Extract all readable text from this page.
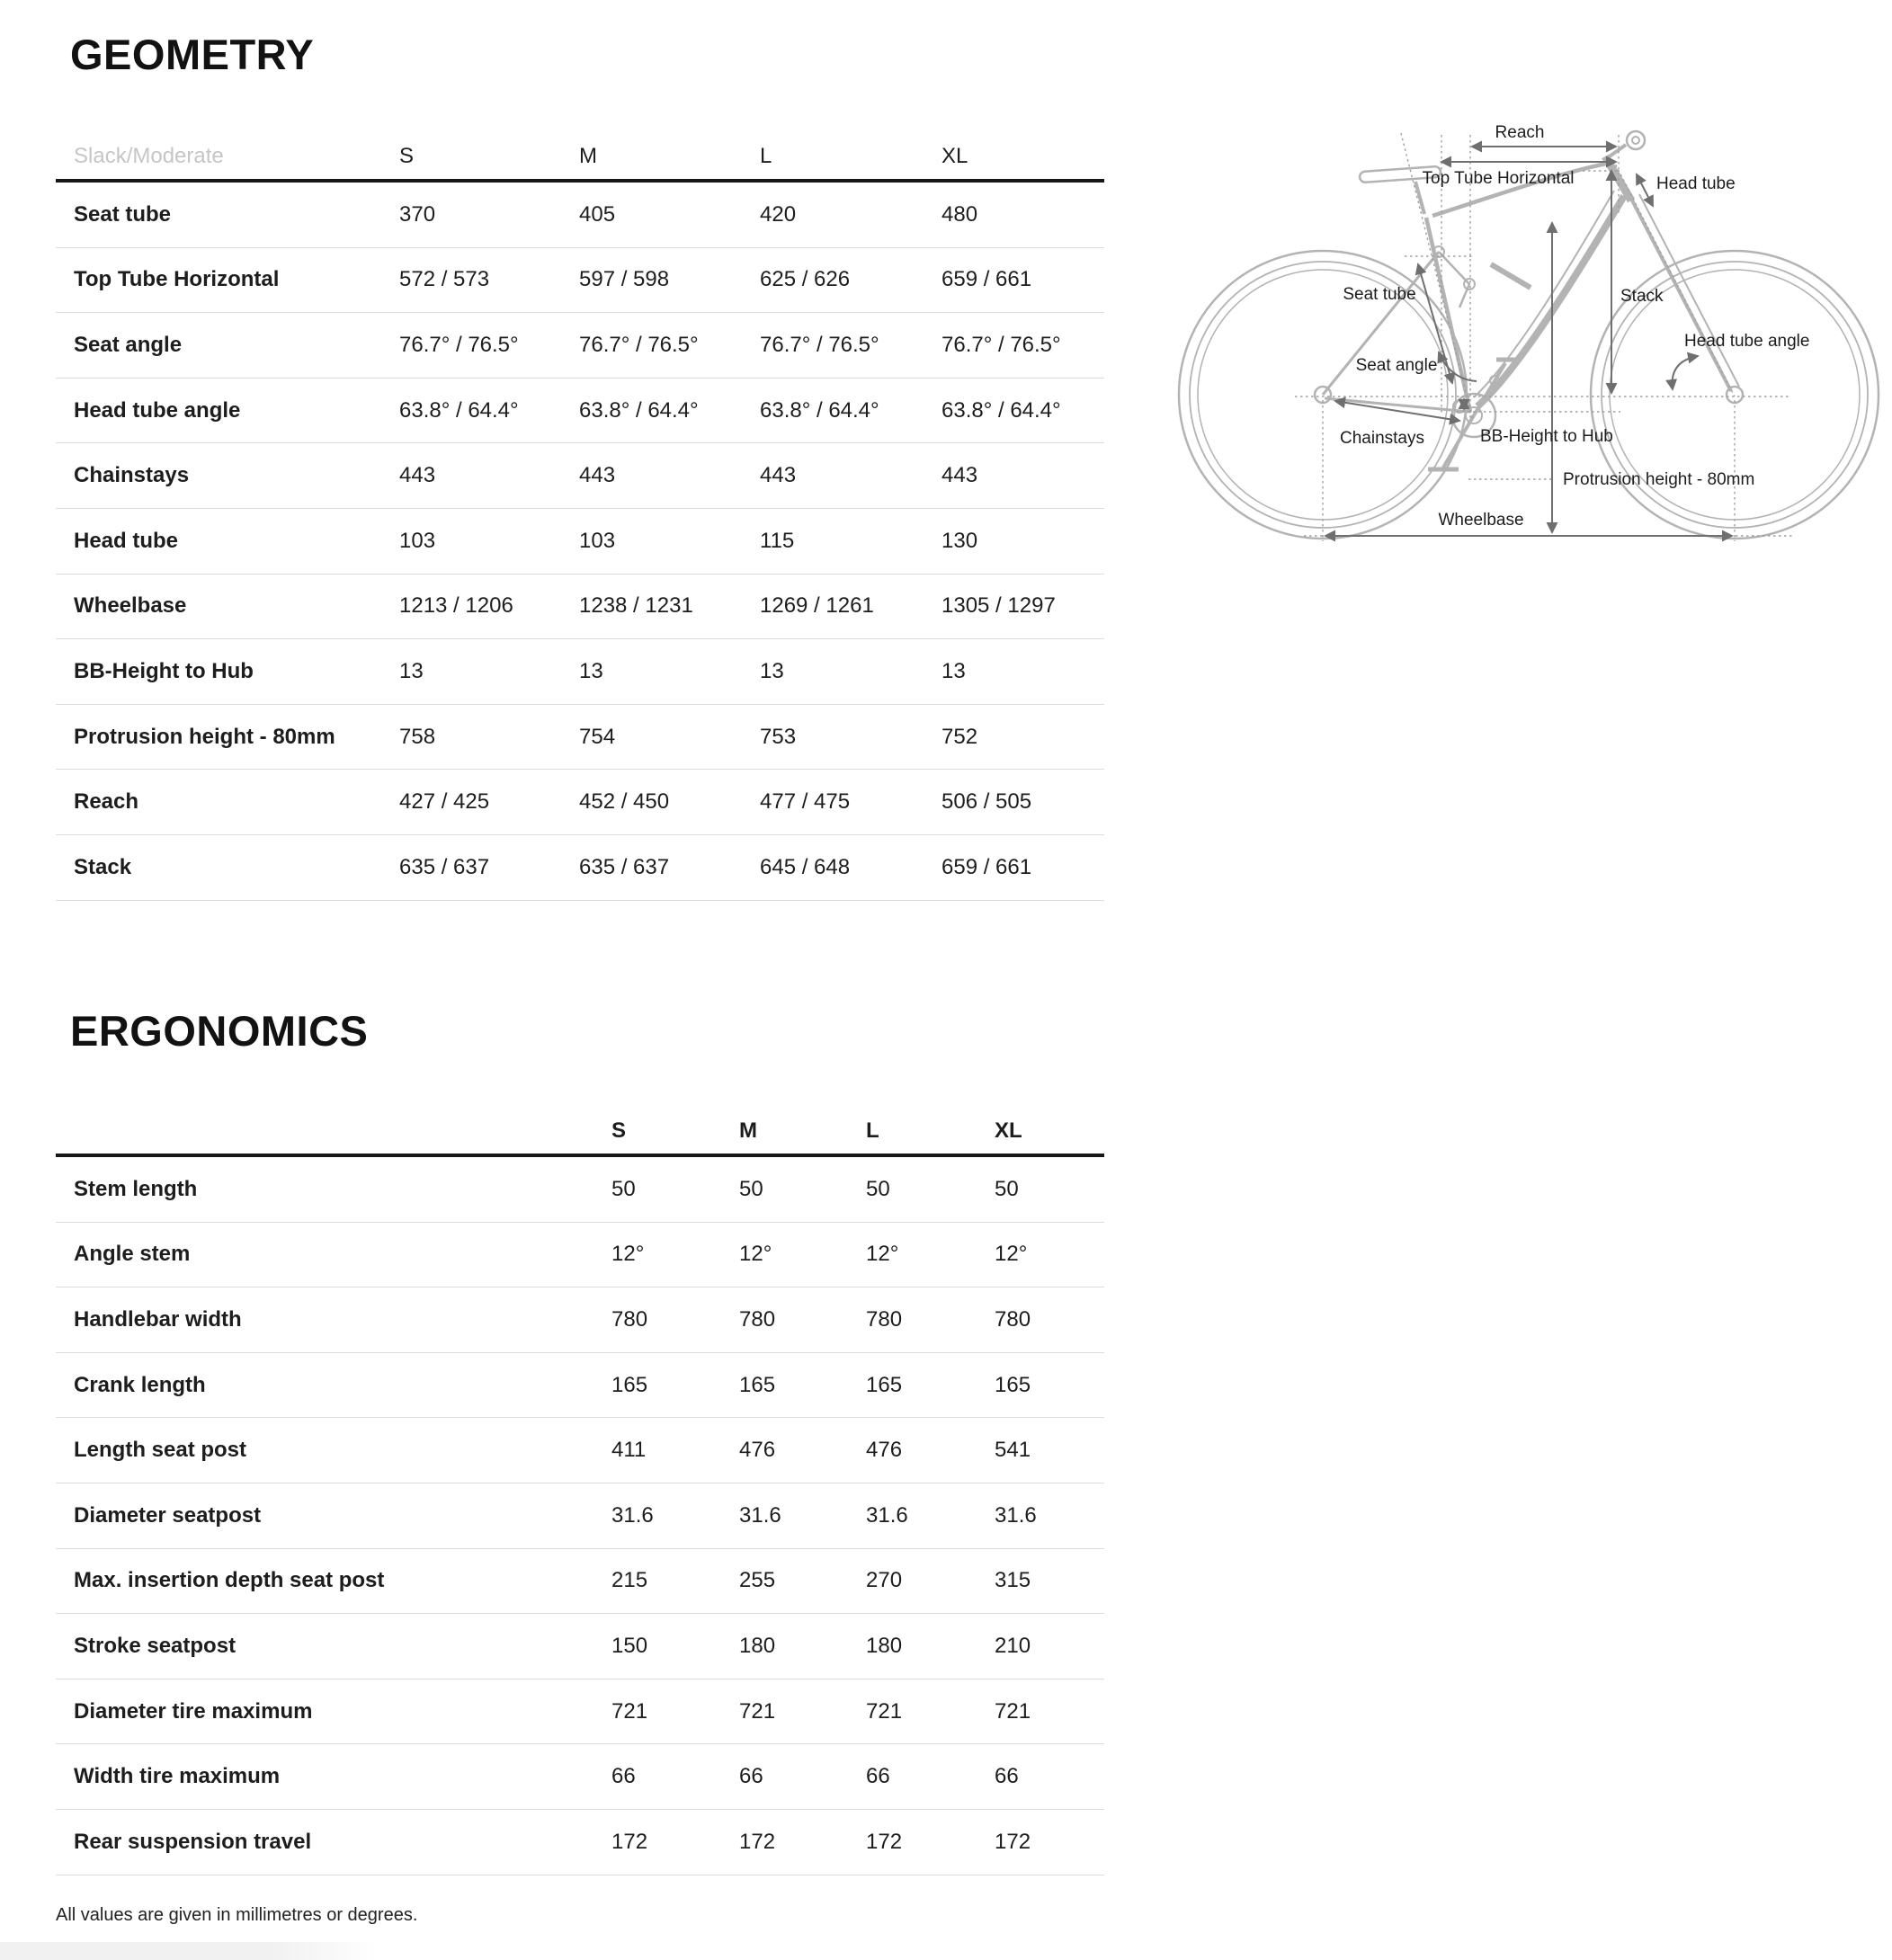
GEOMETRY
Slack/Moderate	S	M	L	XL
Seat tube	370	405	420	480
Top Tube Horizontal	572 / 573	597 / 598	625 / 626	659 / 661
Seat angle	76.7° / 76.5°	76.7° / 76.5°	76.7° / 76.5°	76.7° / 76.5°
Head tube angle	63.8° / 64.4°	63.8° / 64.4°	63.8° / 64.4°	63.8° / 64.4°
Chainstays	443	443	443	443
Head tube	103	103	115	130
Wheelbase	1213 / 1206	1238 / 1231	1269 / 1261	1305 / 1297
BB-Height to Hub	13	13	13	13
Protrusion height - 80mm	758	754	753	752
Reach	427 / 425	452 / 450	477 / 475	506 / 505
Stack	635 / 637	635 / 637	645 / 648	659 / 661
Reach
Top Tube Horizontal	Head tube
Seat tube	Stack
Head tube angle
Seat angle
Chainstays	BB-Height to Hub
Protrusion height - 80mm
Wheelbase
ERGONOMICS
S	M	L	XL
Stem length	50	50	50	50
Angle stem	12°	12°	12°	12°
Handlebar width	780	780	780	780
Crank length	165	165	165	165
Length seat post	411	476	476	541
Diameter seatpost	31.6	31.6	31.6	31.6
Max. insertion depth seat post	215	255	270	315
Stroke seatpost	150	180	180	210
Diameter tire maximum	721	721	721	721
Width tire maximum	66	66	66	66
Rear suspension travel	172	172	172	172

All values are given in millimetres or degrees.
